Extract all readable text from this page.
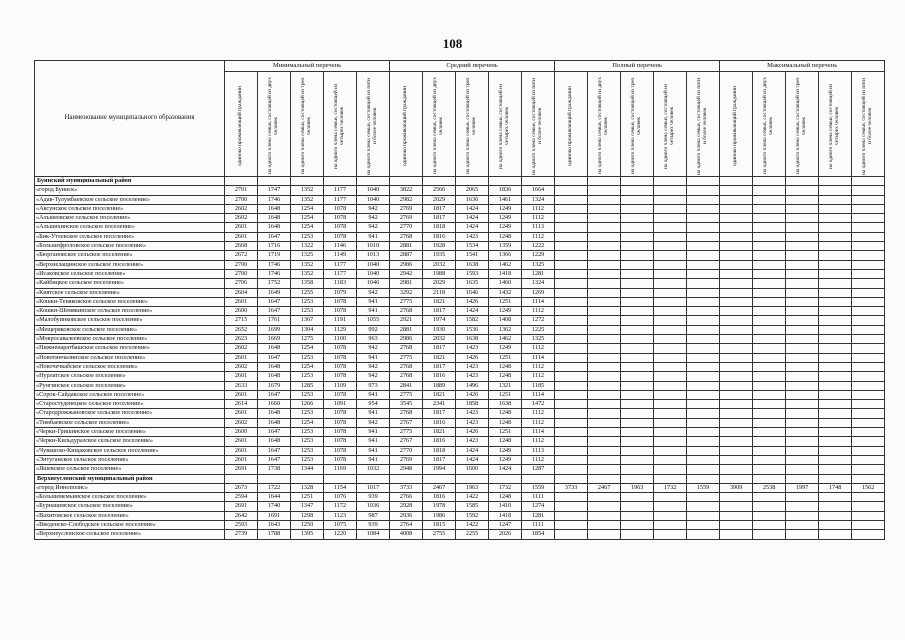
108
Наименование муниципального образования	Минимальный перечень					Средний перечень					Полный перечень					Максимальный перечень				

	одиноко проживающий гражданин	на одного члена семьи, состоящей из двух человек	на одного члена семьи, состоящей из трех человек	на одного члена семьи, состоящей из четырех человек	на одного члена семьи, состоящей из пяти и более человек	одиноко проживающий гражданин	на одного члена семьи, состоящей из двух человек	на одного члена семьи, состоящей из трех человек	на одного члена семьи, состоящей из четырех человек	на одного члена семьи, состоящей из пяти и более человек	одиноко проживающий гражданин	на одного члена семьи, состоящей из двух человек	на одного члена семьи, состоящей из трех человек	на одного члена семьи, состоящей из четырех человек	на одного члена семьи, состоящей из пяти и более человек	одиноко проживающий гражданин	на одного члена семьи, состоящей из двух человек	на одного члена семьи, состоящей из трех человек	на одного члена семьи, состоящей из четырех человек	на одного члена семьи, состоящей из пяти и более человек

Буинский муниципальный район																				
«город Буинск»	2701	1747	1352	1177	1040	3822	2566	2065	1836	1664										
«Адав-Тулумбаевское сельское поселение»	2700	1746	1352	1177	1040	2982	2029	1636	1461	1324										
«Аксунское сельское поселение»	2602	1648	1254	1078	942	2769	1817	1424	1249	1112										
«Альшеевское сельское поселение»	2602	1648	1254	1078	942	2769	1817	1424	1249	1112										
«Альшихинское сельское поселение»	2601	1648	1254	1078	942	2770	1818	1424	1249	1113										
«Бик-Утеевское сельское поселение»	2601	1647	1253	1078	941	2768	1816	1423	1248	1112										
«Большефроловское сельское поселение»	2668	1716	1322	1146	1010	2881	1928	1534	1359	1222										
«Бюргановское сельское поселение»	2672	1719	1325	1149	1013	2887	1935	1541	1366	1229										
«Верхнелащинское сельское поселение»	2700	1746	1352	1177	1040	2986	2032	1638	1462	1325										
«Исаковское сельское поселение»	2700	1746	1352	1177	1040	2942	1988	1593	1418	1281										
«Кайбицкое сельское поселение»	2706	1752	1358	1183	1046	2981	2029	1635	1460	1324										
«Киятское сельское поселение»	2604	1649	1255	1079	942	3292	2118	1646	1432	1269										
«Кошки-Теняковское сельское поселение»	2601	1647	1253	1078	941	2775	1821	1426	1251	1114										
«Кошки-Шемякинское сельское поселение»	2600	1647	1253	1078	941	2768	1817	1424	1249	1112										
«Малобуинковское сельское поселение»	2715	1761	1367	1191	1055	2921	1974	1582	1408	1272										
«Мещеряковское сельское поселение»	2652	1699	1304	1129	992	2881	1930	1536	1362	1225										
«Мокросавалеевское сельское поселение»	2623	1669	1275	1100	963	2986	2032	1638	1462	1325										
«Нижненаратбашское сельское поселение»	2602	1648	1254	1078	942	2768	1817	1423	1249	1112										
«Новотинчалинское сельское поселение»	2601	1647	1253	1078	941	2775	1821	1426	1251	1114										
«Новочечкабское сельское поселение»	2602	1648	1254	1078	942	2768	1817	1423	1248	1112										
«Нурлатское сельское поселение»	2601	1648	1253	1078	942	2768	1816	1423	1248	1112										
«Рунгинское сельское поселение»	2633	1679	1285	1109	973	2841	1889	1496	1321	1185										
«Сорок-Сайдакское сельское поселение»	2601	1647	1253	1078	941	2775	1821	1426	1251	1114										
«Старостуденецкое сельское поселение»	2614	1660	1266	1091	954	3545	2341	1858	1638	1472										
«Стародрожжановское сельское поселение»	2601	1648	1253	1078	941	2768	1817	1423	1248	1112										
«Тимбаевское сельское поселение»	2602	1648	1254	1078	942	2767	1816	1423	1248	1112										
«Черки-Гришинское сельское поселение»	2600	1647	1253	1078	941	2775	1821	1426	1251	1114										
«Черки-Кильдуразское сельское поселение»	2601	1648	1253	1078	941	2767	1816	1423	1248	1112										
«Чувашско-Кищаковское сельское поселение»	2601	1647	1253	1078	941	2770	1818	1424	1249	1113										
«Энтуганское сельское поселение»	2601	1647	1253	1078	941	2769	1817	1424	1249	1112										
«Яшевское сельское поселение»	2691	1738	1344	1169	1032	2948	1994	1600	1424	1287										
Верхнеуслонский муниципальный район																				
«город Иннополис»	2673	1722	1328	1154	1017	3733	2467	1963	1732	1559	3733	2467	1963	1732	1559	3909	2538	1997	1748	1562
«Большемемьинское сельское поселение»	2594	1644	1251	1076	939	2766	1816	1422	1248	1111										
«Бурнашевское сельское поселение»	2691	1740	1347	1172	1036	2928	1978	1585	1410	1274										
«Вахитовское сельское поселение»	2642	1691	1298	1123	987	2936	1986	1592	1418	1281										
«Введенско-Слободское сельское поселение»	2593	1643	1250	1075	939	2764	1815	1422	1247	1111										
«Верхнеуслонское сельское поселение»	2739	1788	1395	1220	1084	4008	2755	2255	2026	1854										
